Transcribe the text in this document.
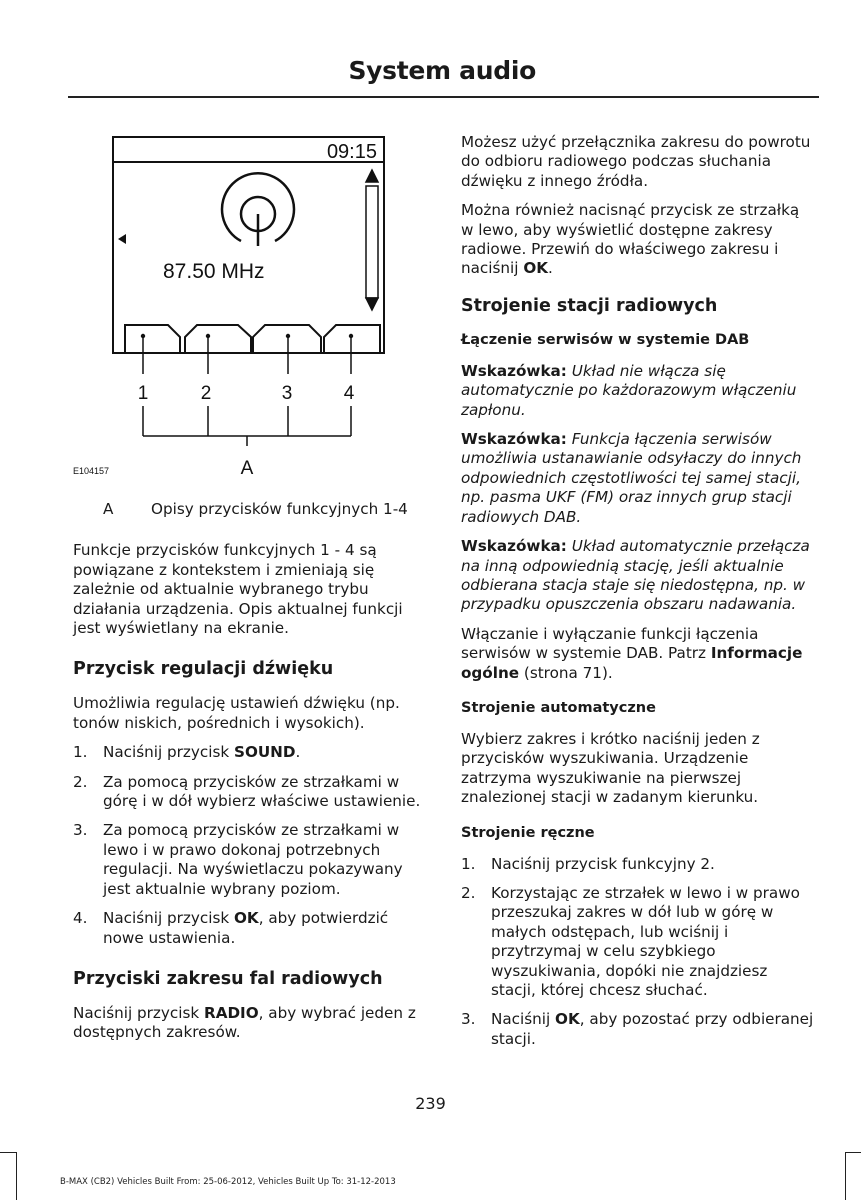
System audio
09:15
87.50 MHz
1	2	3	4
A
E104157
A	Opisy przycisków funkcyjnych 1-4

Funkcje przycisków funkcyjnych 1 - 4 są powiązane z kontekstem i zmieniają się zależnie od aktualnie wybranego trybu działania urządzenia. Opis aktualnej funkcji jest wyświetlany na ekranie.

Przycisk regulacji dźwięku

Umożliwia regulację ustawień dźwięku (np. tonów niskich, pośrednich i wysokich).

1.	Naciśnij przycisk SOUND.
2.	Za pomocą przycisków ze strzałkami w górę i w dół wybierz właściwe ustawienie.
3.	Za pomocą przycisków ze strzałkami w lewo i w prawo dokonaj potrzebnych regulacji. Na wyświetlaczu pokazywany jest aktualnie wybrany poziom.
4.	Naciśnij przycisk OK, aby potwierdzić nowe ustawienia.
Przyciski zakresu fal radiowych

Naciśnij przycisk RADIO, aby wybrać jeden z dostępnych zakresów.

Możesz użyć przełącznika zakresu do powrotu do odbioru radiowego podczas słuchania dźwięku z innego źródła.

Można również nacisnąć przycisk ze strzałką w lewo, aby wyświetlić dostępne zakresy radiowe. Przewiń do właściwego zakresu i naciśnij OK.

Strojenie stacji radiowych
Łączenie serwisów w systemie DAB

Wskazówka: Układ nie włącza się automatycznie po każdorazowym włączeniu zapłonu.

Wskazówka: Funkcja łączenia serwisów umożliwia ustanawianie odsyłaczy do innych odpowiednich częstotliwości tej samej stacji, np. pasma UKF (FM) oraz innych grup stacji radiowych DAB.

Wskazówka: Układ automatycznie przełącza na inną odpowiednią stację, jeśli aktualnie odbierana stacja staje się niedostępna, np. w przypadku opuszczenia obszaru nadawania.

Włączanie i wyłączanie funkcji łączenia serwisów w systemie DAB. Patrz Informacje ogólne (strona 71).

Strojenie automatyczne

Wybierz zakres i krótko naciśnij jeden z przycisków wyszukiwania. Urządzenie zatrzyma wyszukiwanie na pierwszej znalezionej stacji w zadanym kierunku.

Strojenie ręczne
1.	Naciśnij przycisk funkcyjny 2.
2.	Korzystając ze strzałek w lewo i w prawo przeszukaj zakres w dół lub w górę w małych odstępach, lub wciśnij i przytrzymaj w celu szybkiego wyszukiwania, dopóki nie znajdziesz stacji, której chcesz słuchać.
3.	Naciśnij OK, aby pozostać przy odbieranej stacji.
239
B-MAX (CB2) Vehicles Built From: 25-06-2012, Vehicles Built Up To: 31-12-2013
